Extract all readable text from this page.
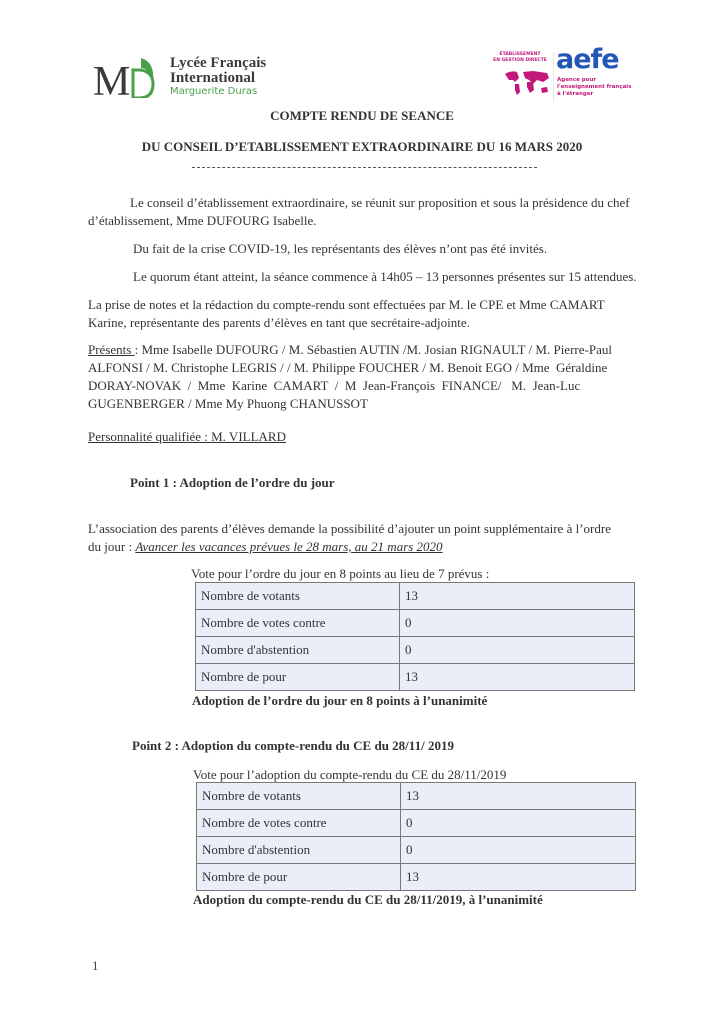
M	Lycée Français
International
Marguerite Duras
ÉTABLISSEMENT
EN GESTION DIRECTE aefe
Agence pour
l'enseignement français
à l'étranger
COMPTE RENDU DE SEANCE
DU CONSEIL D’ETABLISSEMENT EXTRAORDINAIRE DU 16 MARS 2020
Le conseil d’établissement extraordinaire, se réunit sur proposition et sous la présidence du chef
d’établissement, Mme DUFOURG Isabelle.
Du fait de la crise COVID-19, les représentants des élèves n’ont pas été invités.
Le quorum étant atteint, la séance commence à 14h05 – 13 personnes présentes sur 15 attendues.
La prise de notes et la rédaction du compte-rendu sont effectuées par M. le CPE et Mme CAMART
Karine, représentante des parents d’élèves en tant que secrétaire-adjointe.
Présents : Mme Isabelle DUFOURG / M. Sébastien AUTIN /M. Josian RIGNAULT / M. Pierre-Paul
ALFONSI / M. Christophe LEGRIS / / M. Philippe FOUCHER / M. Benoit EGO / Mme  Géraldine
DORAY-NOVAK  /  Mme  Karine  CAMART  /  M  Jean-François  FINANCE/   M.  Jean-Luc
GUGENBERGER / Mme My Phuong CHANUSSOT
Personnalité qualifiée : M. VILLARD
Point 1 : Adoption de l’ordre du jour
L’association des parents d’élèves demande la possibilité d’ajouter un point supplémentaire à l’ordre
du jour : Avancer les vacances prévues le 28 mars, au 21 mars 2020
Vote pour l’ordre du jour en 8 points au lieu de 7 prévus :
Nombre de votants	13
Nombre de votes contre	0
Nombre d'abstention	0
Nombre de pour	13
Adoption de l’ordre du jour en 8 points à l’unanimité
Point 2 : Adoption du compte-rendu du CE du 28/11/ 2019
Vote pour l’adoption du compte-rendu du CE du 28/11/2019
Nombre de votants	13
Nombre de votes contre	0
Nombre d'abstention	0
Nombre de pour	13
Adoption du compte-rendu du CE du 28/11/2019, à l’unanimité
1
